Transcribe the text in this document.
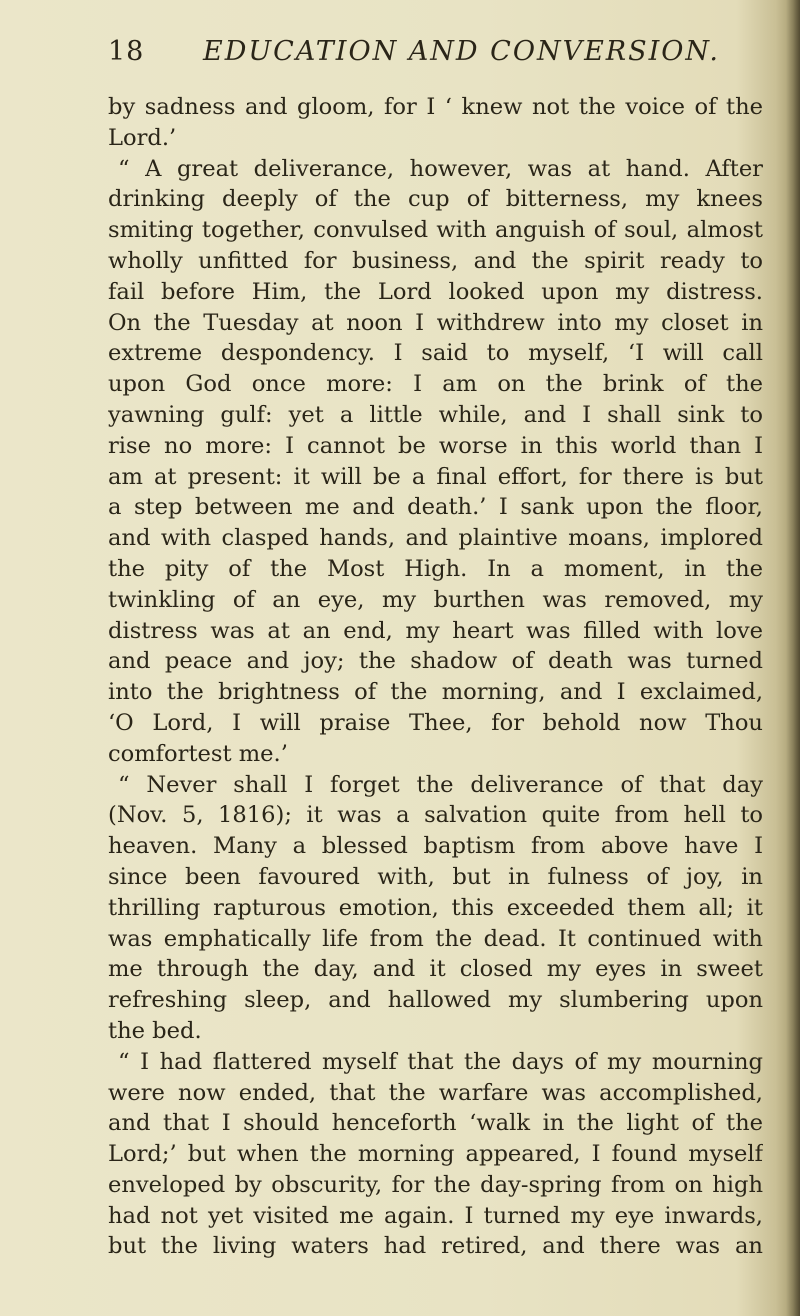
18 EDUCATION AND CONVERSION.
by sadness and gloom, for I ‘ knew not the voice of the
Lord.’
“ A great deliverance, however, was at hand. After
drinking deeply of the cup of bitterness, my knees
smiting together, convulsed with anguish of soul, almost
wholly unfitted for business, and the spirit ready to
fail before Him, the Lord looked upon my distress.
On the Tuesday at noon I withdrew into my closet in
extreme despondency. I said to myself, ‘I will call
upon God once more: I am on the brink of the
yawning gulf: yet a little while, and I shall sink to
rise no more: I cannot be worse in this world than I
am at present: it will be a final effort, for there is but
a step between me and death.’ I sank upon the floor,
and with clasped hands, and plaintive moans, implored
the pity of the Most High. In a moment, in the
twinkling of an eye, my burthen was removed, my
distress was at an end, my heart was filled with love
and peace and joy; the shadow of death was turned
into the brightness of the morning, and I exclaimed,
‘O Lord, I will praise Thee, for behold now Thou
comfortest me.’
“ Never shall I forget the deliverance of that day
(Nov. 5, 1816); it was a salvation quite from hell to
heaven. Many a blessed baptism from above have I
since been favoured with, but in fulness of joy, in
thrilling rapturous emotion, this exceeded them all; it
was emphatically life from the dead. It continued with
me through the day, and it closed my eyes in sweet
refreshing sleep, and hallowed my slumbering upon
the bed.
“ I had flattered myself that the days of my mourning
were now ended, that the warfare was accomplished,
and that I should henceforth ‘walk in the light of the
Lord;’ but when the morning appeared, I found myself
enveloped by obscurity, for the day-spring from on high
had not yet visited me again. I turned my eye inwards,
but the living waters had retired, and there was an
